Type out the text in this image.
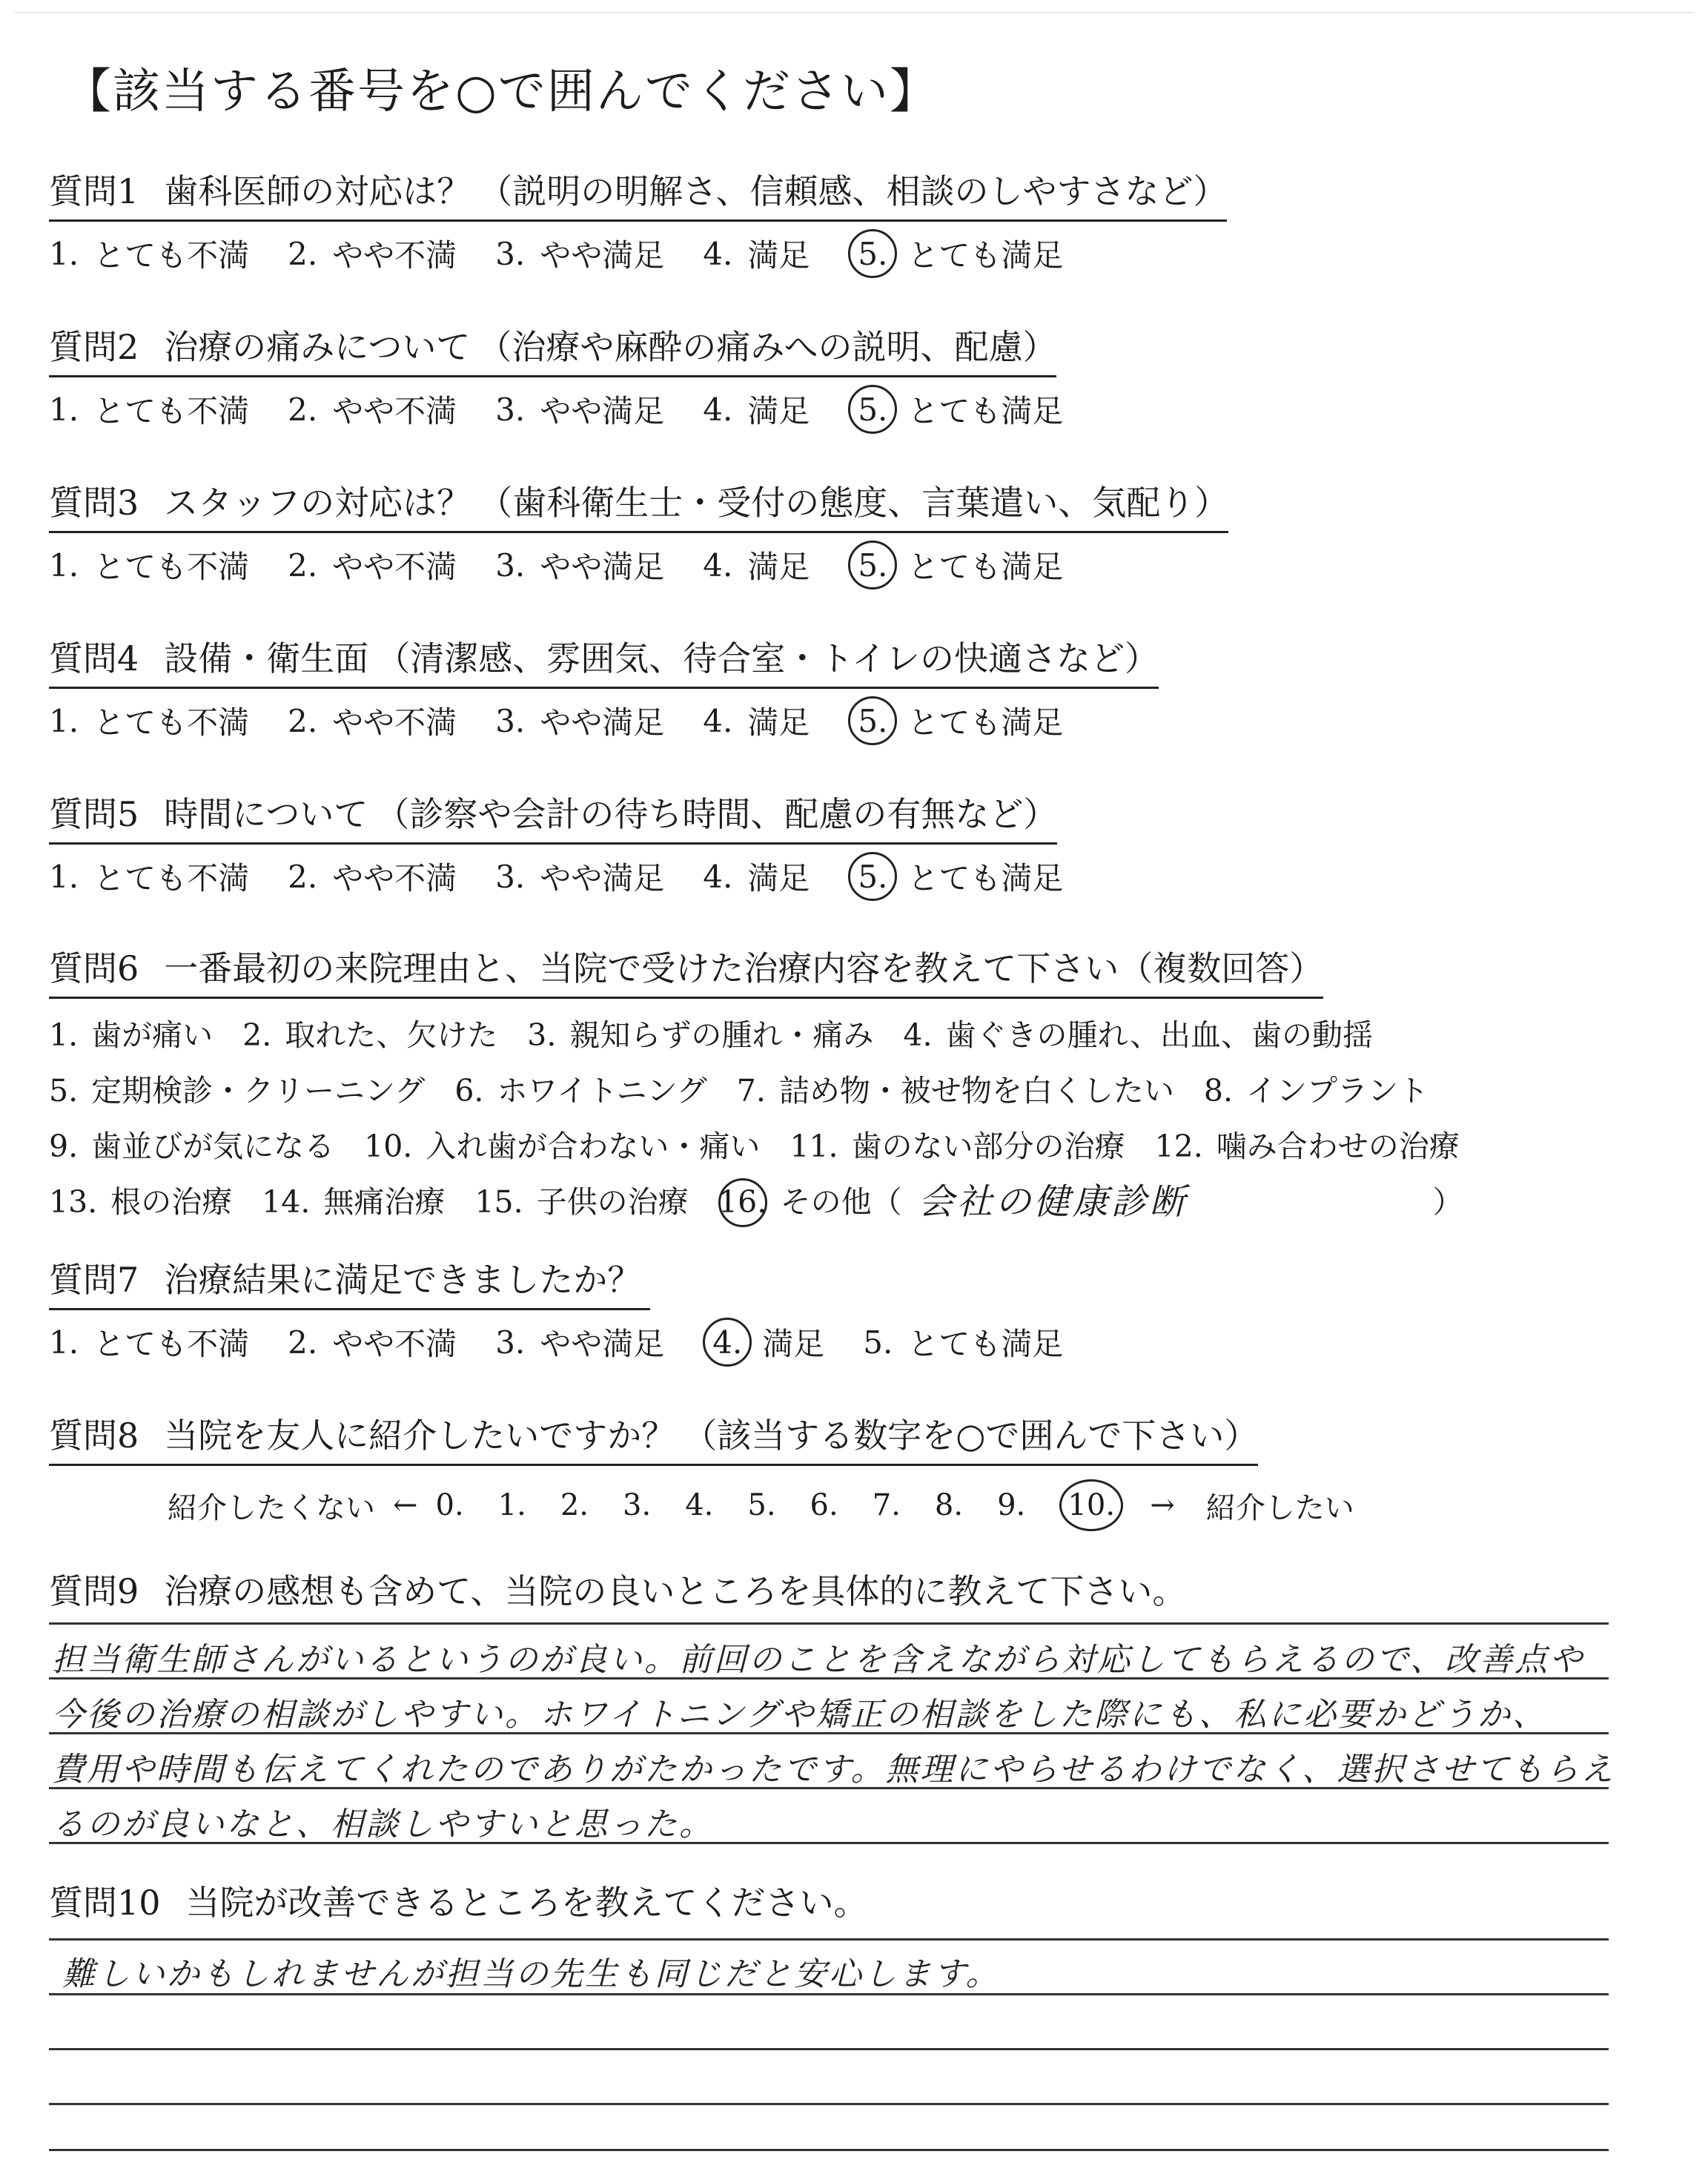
【該当する番号を○で囲んでください】
質問1 歯科医師の対応は？ （説明の明解さ、信頼感、相談のしやすさなど）
1. とても不満 2. やや不満 3. やや満足 4. 満足	5. とても満足
質問2 治療の痛みについて （治療や麻酔の痛みへの説明、配慮）
1. とても不満 2. やや不満 3. やや満足 4. 満足	5. とても満足
質問3 スタッフの対応は？ （歯科衛生士・受付の態度、言葉遣い、気配り）
1. とても不満 2. やや不満 3. やや満足 4. 満足	5. とても満足
質問4 設備・衛生面 （清潔感、雰囲気、待合室・トイレの快適さなど）
1. とても不満 2. やや不満 3. やや満足 4. 満足	5. とても満足
質問5 時間について （診察や会計の待ち時間、配慮の有無など）
1. とても不満 2. やや不満 3. やや満足 4. 満足	5. とても満足
質問6 一番最初の来院理由と、当院で受けた治療内容を教えて下さい（複数回答）
1. 歯が痛い 2. 取れた、欠けた 3. 親知らずの腫れ・痛み 4. 歯ぐきの腫れ、出血、歯の動揺
5. 定期検診・クリーニング 6. ホワイトニング 7. 詰め物・被せ物を白くしたい 8. インプラント
9. 歯並びが気になる 10. 入れ歯が合わない・痛い 11. 歯のない部分の治療 12. 噛み合わせの治療
13. 根の治療 14. 無痛治療 15. 子供の治療 16. その他（ 会社の健康診断	）
質問7 治療結果に満足できましたか？
1. とても不満 2. やや不満 3. やや満足	4. 満足 5. とても満足
質問8 当院を友人に紹介したいですか？ （該当する数字を○で囲んで下さい）
紹介したくない ← 0. 1. 2. 3. 4. 5. 6. 7. 8. 9. 10. → 紹介したい
質問9 治療の感想も含めて、当院の良いところを具体的に教えて下さい。
担当衛生師さんがいるというのが良い。前回のことを含えながら対応してもらえるので、改善点や
今後の治療の相談がしやすい。ホワイトニングや矯正の相談をした際にも、私に必要かどうか、
費用や時間も伝えてくれたのでありがたかったです。無理にやらせるわけでなく、選択させてもらえ
るのが良いなと、相談しやすいと思った。
質問10 当院が改善できるところを教えてください。
難しいかもしれませんが担当の先生も同じだと安心します。
